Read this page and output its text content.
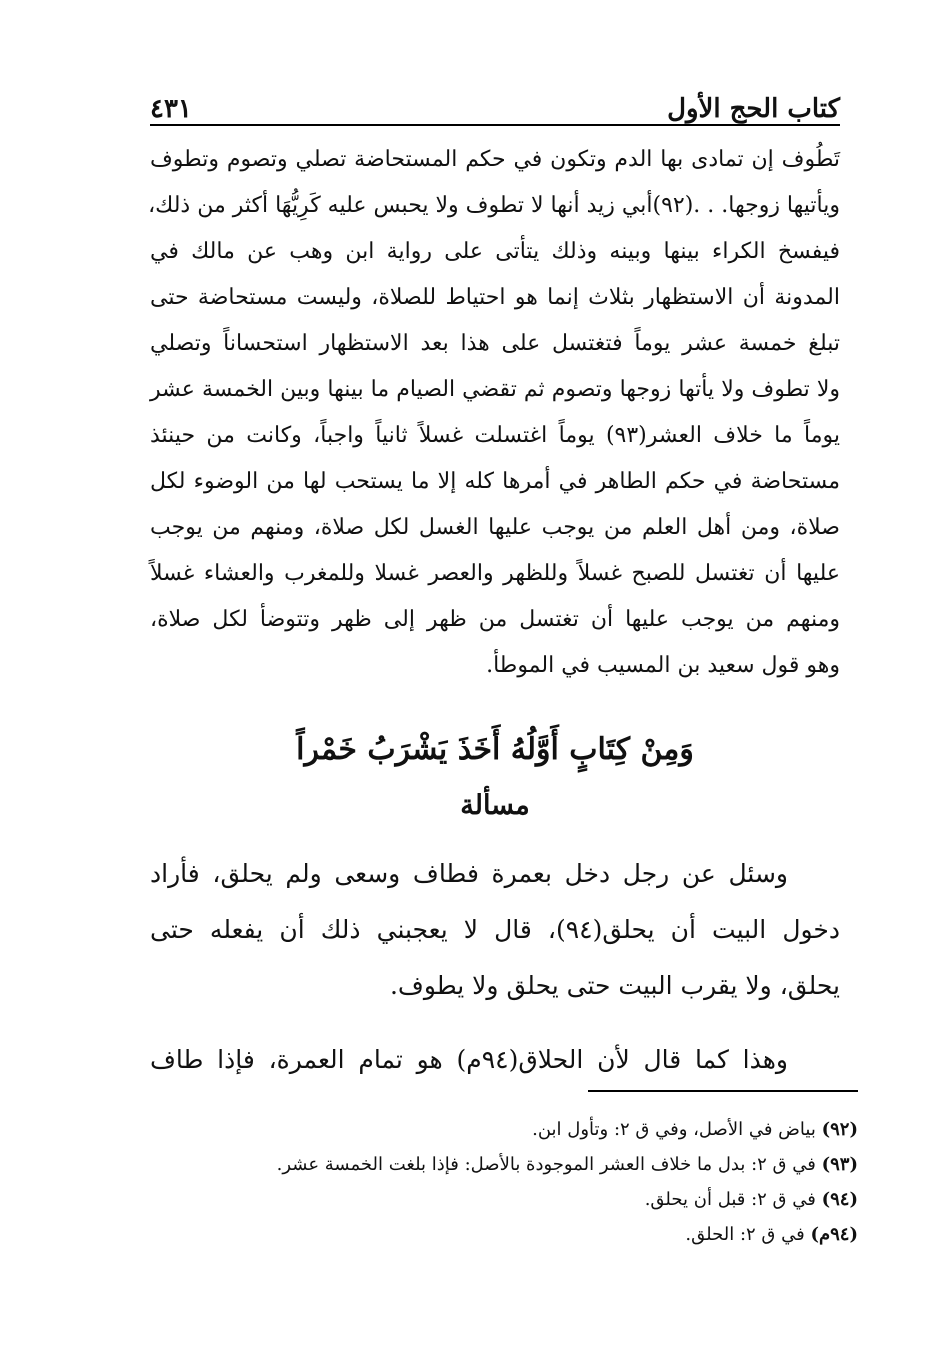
كتاب الحج الأول
٤٣١
تَطُوف إن تمادى بها الدم وتكون في حكم المستحاضة تصلي وتصوم وتطوف
ويأتيها زوجها. . .(٩٢)أبي زيد أنها لا تطوف ولا يحبس عليه كَرِيُّهَا أكثر من ذلك،
فيفسخ الكراء بينها وبينه وذلك يتأتى على رواية ابن وهب عن مالك في
المدونة أن الاستظهار بثلاث إنما هو احتياط للصلاة، وليست مستحاضة حتى
تبلغ خمسة عشر يوماً فتغتسل على هذا بعد الاستظهار استحساناً وتصلي
ولا تطوف ولا يأتها زوجها وتصوم ثم تقضي الصيام ما بينها وبين الخمسة عشر
يوماً ما خلاف العشر(٩٣) يوماً اغتسلت غسلاً ثانياً واجباً، وكانت من حينئذ
مستحاضة في حكم الطاهر في أمرها كله إلا ما يستحب لها من الوضوء لكل
صلاة، ومن أهل العلم من يوجب عليها الغسل لكل صلاة، ومنهم من يوجب
عليها أن تغتسل للصبح غسلاً وللظهر والعصر غسلا وللمغرب والعشاء غسلاً
ومنهم من يوجب عليها أن تغتسل من ظهر إلى ظهر وتتوضأ لكل صلاة،
وهو قول سعيد بن المسيب في الموطأ.
وَمِنْ كِتَابٍ أَوَّلُهُ أَخَذَ يَشْرَبُ خَمْراً
مسألة
وسئل عن رجل دخل بعمرة فطاف وسعى ولم يحلق، فأراد
دخول البيت أن يحلق(٩٤)، قال لا يعجبني ذلك أن يفعله حتى
يحلق، ولا يقرب البيت حتى يحلق ولا يطوف.
وهذا كما قال لأن الحلاق(٩٤م) هو تمام العمرة، فإذا طاف
(٩٢) بياض في الأصل، وفي ق ٢: وتأول ابن.
(٩٣) في ق ٢: بدل ما خلاف العشر الموجودة بالأصل: فإذا بلغت الخمسة عشر.
(٩٤) في ق ٢: قبل أن يحلق.
(٩٤م) في ق ٢: الحلق.
